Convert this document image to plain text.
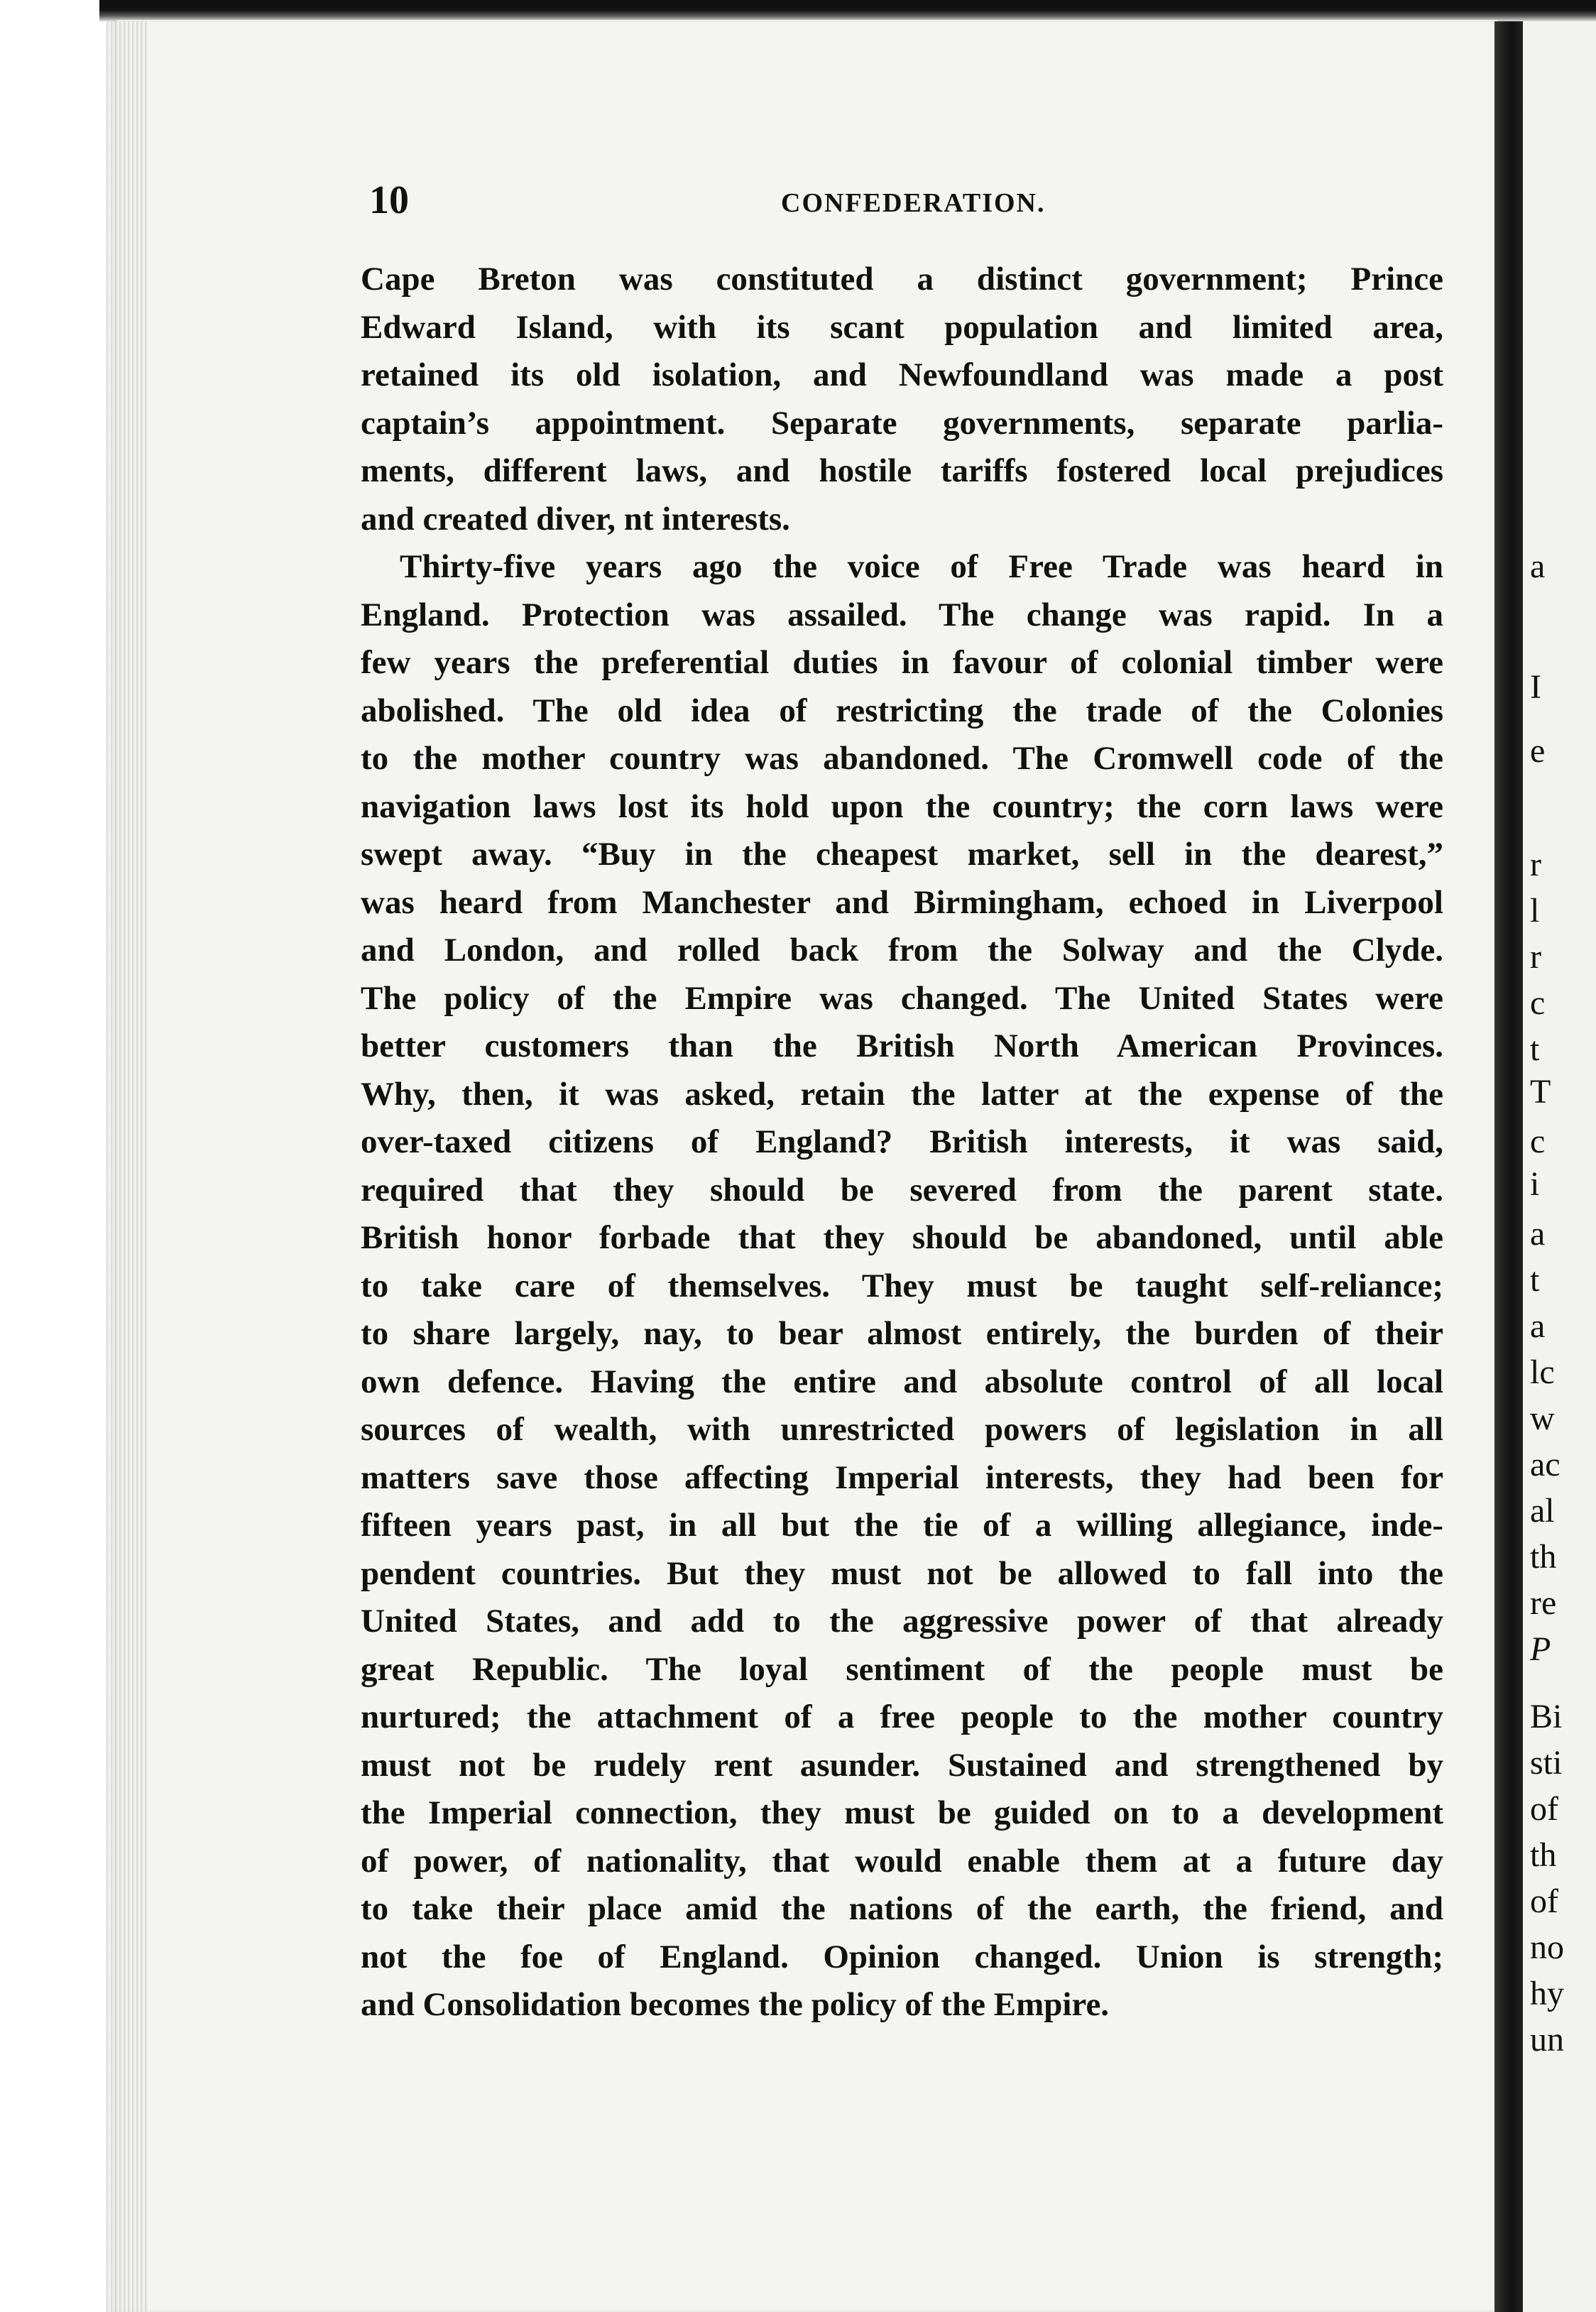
a
I
e
r
l
r
c
t
T
c
i
a
t
a
lc
w
ac
al
th
re
P
Bi
sti
of
th
of
no
hy
un
10	CONFEDERATION.

Cape Breton was constituted a distinct government; Prince
Edward Island, with its scant population and limited area,
retained its old isolation, and Newfoundland was made a post
captain’s appointment. Separate governments, separate parlia-
ments, different laws, and hostile tariffs fostered local prejudices
and created diver, nt interests.

Thirty-five years ago the voice of Free Trade was heard in
England. Protection was assailed. The change was rapid. In a
few years the preferential duties in favour of colonial timber were
abolished. The old idea of restricting the trade of the Colonies
to the mother country was abandoned. The Cromwell code of the
navigation laws lost its hold upon the country; the corn laws were
swept away. “Buy in the cheapest market, sell in the dearest,”
was heard from Manchester and Birmingham, echoed in Liverpool
and London, and rolled back from the Solway and the Clyde.
The policy of the Empire was changed. The United States were
better customers than the British North American Provinces.
Why, then, it was asked, retain the latter at the expense of the
over-taxed citizens of England? British interests, it was said,
required that they should be severed from the parent state.
British honor forbade that they should be abandoned, until able
to take care of themselves. They must be taught self-reliance;
to share largely, nay, to bear almost entirely, the burden of their
own defence. Having the entire and absolute control of all local
sources of wealth, with unrestricted powers of legislation in all
matters save those affecting Imperial interests, they had been for
fifteen years past, in all but the tie of a willing allegiance, inde-
pendent countries. But they must not be allowed to fall into the
United States, and add to the aggressive power of that already
great Republic. The loyal sentiment of the people must be
nurtured; the attachment of a free people to the mother country
must not be rudely rent asunder. Sustained and strengthened by
the Imperial connection, they must be guided on to a development
of power, of nationality, that would enable them at a future day
to take their place amid the nations of the earth, the friend, and
not the foe of England. Opinion changed. Union is strength;
and Consolidation becomes the policy of the Empire.
